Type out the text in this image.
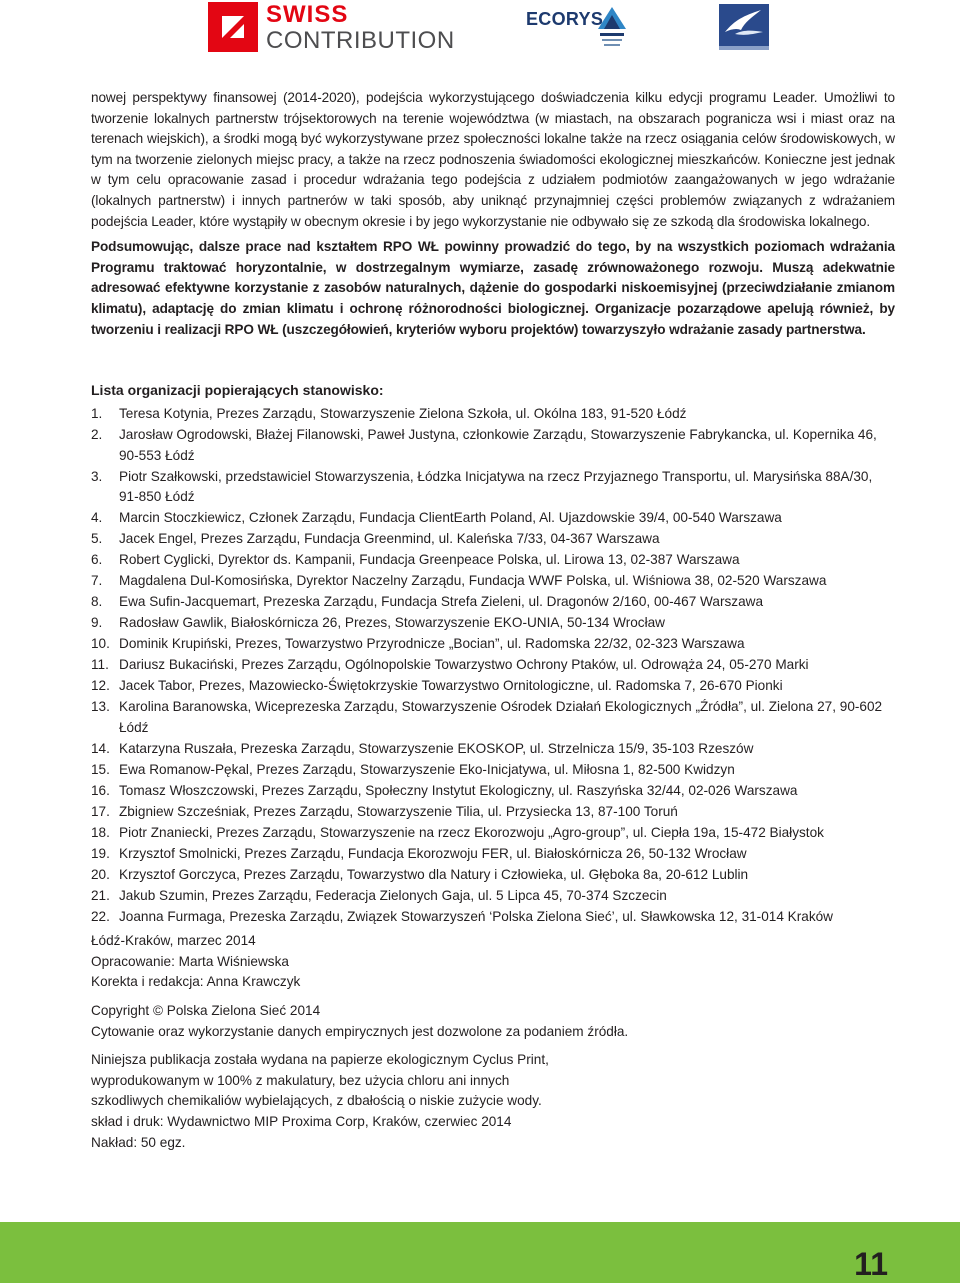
SWISS
CONTRIBUTION
ECORYS

nowej perspektywy finansowej (2014-2020), podejścia wykorzystującego doświadczenia kilku edycji programu Leader. Umożliwi to tworzenie lokalnych partnerstw trójsektorowych na terenie województwa (w miastach, na obszarach pogranicza wsi i miast oraz na terenach wiejskich), a środki mogą być wykorzystywane przez społeczności lokalne także na rzecz osiągania celów środowiskowych, w tym na tworzenie zielonych miejsc pracy, a także na rzecz podnoszenia świadomości ekologicznej mieszkańców. Konieczne jest jednak w tym celu opracowanie zasad i procedur wdrażania tego podejścia z udziałem podmiotów zaangażowanych w jego wdrażanie (lokalnych partnerstw) i innych partnerów w taki sposób, aby uniknąć przynajmniej części problemów związanych z wdrażaniem podejścia Leader, które wystąpiły w obecnym okresie i by jego wykorzystanie nie odbywało się ze szkodą dla środowiska lokalnego.

Podsumowując, dalsze prace nad kształtem RPO WŁ powinny prowadzić do tego, by na wszystkich poziomach wdrażania Programu traktować horyzontalnie, w dostrzegalnym wymiarze, zasadę zrównoważonego rozwoju. Muszą adekwatnie adresować efektywne korzystanie z zasobów naturalnych, dążenie do gospodarki niskoemisyjnej (przeciwdziałanie zmianom klimatu), adaptację do zmian klimatu i ochronę różnorodności biologicznej. Organizacje pozarządowe apelują również, by tworzeniu i realizacji RPO WŁ (uszczegółowień, kryteriów wyboru projektów) towarzyszyło wdrażanie zasady partnerstwa.

Lista organizacji popierających stanowisko:
1. Teresa Kotynia, Prezes Zarządu, Stowarzyszenie Zielona Szkoła, ul. Okólna 183, 91-520 Łódź
2. Jarosław Ogrodowski, Błażej Filanowski, Paweł Justyna, członkowie Zarządu, Stowarzyszenie Fabrykancka, ul. Kopernika 46, 90-553 Łódź
3. Piotr Szałkowski, przedstawiciel Stowarzyszenia, Łódzka Inicjatywa na rzecz Przyjaznego Transportu, ul. Marysińska 88A/30, 91-850 Łódź
4. Marcin Stoczkiewicz, Członek Zarządu, Fundacja ClientEarth Poland, Al. Ujazdowskie 39/4, 00-540 Warszawa
5. Jacek Engel, Prezes Zarządu, Fundacja Greenmind, ul. Kaleńska 7/33, 04-367 Warszawa
6. Robert Cyglicki, Dyrektor ds. Kampanii, Fundacja Greenpeace Polska, ul. Lirowa 13, 02-387 Warszawa
7. Magdalena Dul-Komosińska, Dyrektor Naczelny Zarządu, Fundacja WWF Polska, ul. Wiśniowa 38, 02-520 Warszawa
8. Ewa Sufin-Jacquemart, Prezeska Zarządu, Fundacja Strefa Zieleni, ul. Dragonów 2/160, 00-467 Warszawa
9. Radosław Gawlik, Białoskórnicza 26, Prezes, Stowarzyszenie EKO-UNIA, 50-134 Wrocław
10. Dominik Krupiński, Prezes, Towarzystwo Przyrodnicze „Bocian”, ul. Radomska 22/32, 02-323 Warszawa
11. Dariusz Bukaciński, Prezes Zarządu, Ogólnopolskie Towarzystwo Ochrony Ptaków, ul. Odrowąża 24, 05-270 Marki
12. Jacek Tabor, Prezes, Mazowiecko-Świętokrzyskie Towarzystwo Ornitologiczne, ul. Radomska 7, 26-670 Pionki
13. Karolina Baranowska, Wiceprezeska Zarządu, Stowarzyszenie Ośrodek Działań Ekologicznych „Źródła”, ul. Zielona 27, 90-602 Łódź
14. Katarzyna Ruszała, Prezeska Zarządu, Stowarzyszenie EKOSKOP, ul. Strzelnicza 15/9, 35-103 Rzeszów
15. Ewa Romanow-Pękal, Prezes Zarządu, Stowarzyszenie Eko-Inicjatywa, ul. Miłosna 1, 82-500 Kwidzyn
16. Tomasz Włoszczowski, Prezes Zarządu, Społeczny Instytut Ekologiczny, ul. Raszyńska 32/44, 02-026 Warszawa
17. Zbigniew Szcześniak, Prezes Zarządu, Stowarzyszenie Tilia, ul. Przysiecka 13, 87-100 Toruń
18. Piotr Znaniecki, Prezes Zarządu, Stowarzyszenie na rzecz Ekorozwoju „Agro-group”, ul. Ciepła 19a, 15-472 Białystok
19. Krzysztof Smolnicki, Prezes Zarządu, Fundacja Ekorozwoju FER, ul. Białoskórnicza 26, 50-132 Wrocław
20. Krzysztof Gorczyca, Prezes Zarządu, Towarzystwo dla Natury i Człowieka, ul. Głęboka 8a, 20-612 Lublin
21. Jakub Szumin, Prezes Zarządu, Federacja Zielonych Gaja, ul. 5 Lipca 45, 70-374 Szczecin
22. Joanna Furmaga, Prezeska Zarządu, Związek Stowarzyszeń ‘Polska Zielona Sieć’, ul. Sławkowska 12, 31-014 Kraków
Łódź-Kraków, marzec 2014
Opracowanie: Marta Wiśniewska
Korekta i redakcja: Anna Krawczyk
Copyright © Polska Zielona Sieć 2014
Cytowanie oraz wykorzystanie danych empirycznych jest dozwolone za podaniem źródła.
Niniejsza publikacja została wydana na papierze ekologicznym Cyclus Print,
wyprodukowanym w 100% z makulatury, bez użycia chloru ani innych
szkodliwych chemikaliów wybielających, z dbałością o niskie zużycie wody.
skład i druk: Wydawnictwo MIP Proxima Corp, Kraków, czerwiec 2014
Nakład: 50 egz.
11
